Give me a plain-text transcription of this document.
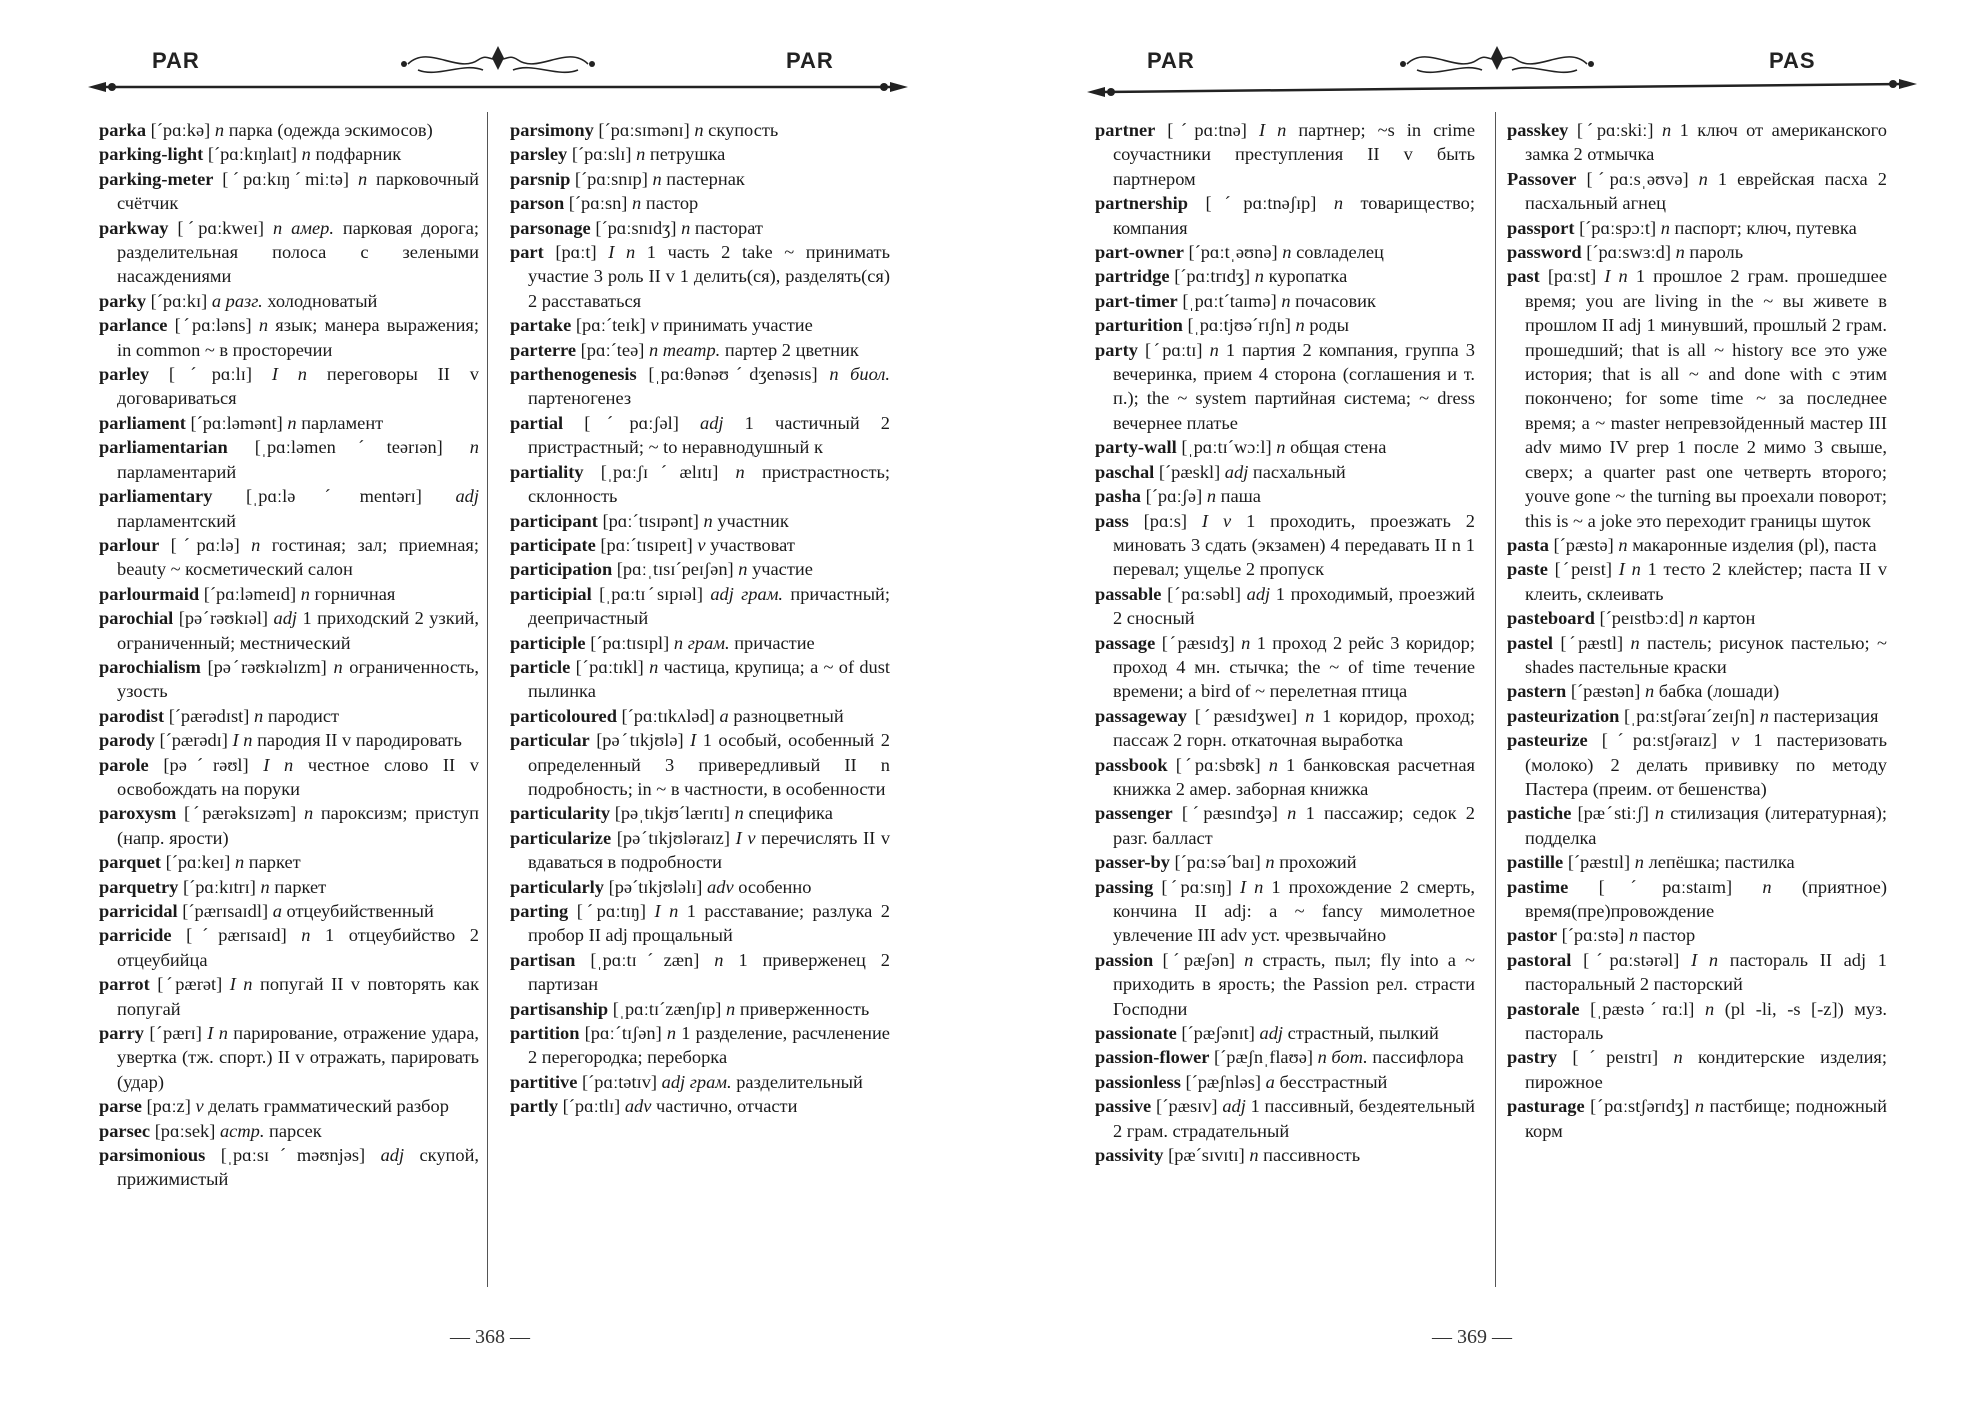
PAR	PAR

parka [ˊpɑːkə] n парка (одежда эскимосов)

parking-light [ˊpɑːkɪŋlaɪt] n подфарник

parking-meter [ˊpɑːkɪŋˊmiːtə] n парковочный счётчик

parkway [ˊpɑːkweɪ] n амер. парковая дорога; разделительная полоса с зелеными насаждениями

parky [ˊpɑːkɪ] a разг. холодноватый

parlance [ˊpɑːləns] n язык; манера выражения; in common ~ в просторечии

parley [ˊpɑːlɪ] I n переговоры II v договариваться

parliament [ˊpɑːləmənt] n парламент

parliamentarian [ˌpɑːləmenˊteərɪən] n парламентарий

parliamentary [ˌpɑːləˊmentərɪ] adj парламентский

parlour [ˊpɑːlə] n гостиная; зал; приемная; beauty ~ косметический салон

parlourmaid [ˊpɑːləmeɪd] n горничная

parochial [pəˊrəʊkɪəl] adj 1 приходский 2 узкий, ограниченный; местнический

parochialism [pəˊrəʊkɪəlɪzm] n ограниченность, узость

parodist [ˊpærədɪst] n пародист

parody [ˊpærədɪ] I n пародия II v пародировать

parole [pəˊrəʊl] I n честное слово II v освобождать на поруки

paroxysm [ˊpærəksɪzəm] n пароксизм; приступ (напр. ярости)

parquet [ˊpɑːkeɪ] n паркет

parquetry [ˊpɑːkɪtrɪ] n паркет

parricidal [ˊpærɪsaɪdl] a отцеубийственный

parricide [ˊpærɪsaɪd] n 1 отцеубийство 2 отцеубийца

parrot [ˊpærət] I n попугай II v повторять как попугай

parry [ˊpærɪ] I n парирование, отражение удара, увертка (тж. спорт.) II v отражать, парировать (удар)

parse [pɑːz] v делать грамматический разбор

parsec [pɑːsek] астр. парсек

parsimonious [ˌpɑːsɪˊməʊnjəs] adj скупой, прижимистый

parsimony [ˊpɑːsɪmənɪ] n скупость

parsley [ˊpɑːslɪ] n петрушка

parsnip [ˊpɑːsnɪp] n пастернак

parson [ˊpɑːsn] n пастор

parsonage [ˊpɑːsnɪdʒ] n пасторат

part [pɑːt] I n 1 часть 2 take ~ принимать участие 3 роль II v 1 делить(ся), разделять(ся) 2 расставаться

partake [pɑːˊteɪk] v принимать участие

parterre [pɑːˊteə] n театр. партер 2 цветник

parthenogenesis [ˌpɑːθənəʊˊdʒenəsɪs] n биол. партеногенез

partial [ˊpɑːʃəl] adj 1 частичный 2 пристрастный; ~ to неравнодушный к

partiality [ˌpɑːʃɪˊælɪtɪ] n пристрастность; склонность

participant [pɑːˊtɪsɪpənt] n участник

participate [pɑːˊtɪsɪpeɪt] v участвоват

participation [pɑːˌtɪsɪˊpeɪʃən] n участие

participial [ˌpɑːtɪˊsɪpɪəl] adj грам. причастный; деепричастный

participle [ˊpɑːtɪsɪpl] n грам. причастие

particle [ˊpɑːtɪkl] n частица, крупица; a ~ of dust пылинка

particoloured [ˊpɑːtɪkʌləd] a разноцветный

particular [pəˊtɪkjʊlə] I 1 особый, особенный 2 определенный 3 привередливый II n подробность; in ~ в частности, в особенности

particularity [pəˌtɪkjʊˊlærɪtɪ] n специфика

particularize [pəˊtɪkjʊləraɪz] I v перечислять II v вдаваться в подробности

particularly [pəˊtɪkjʊləlɪ] adv особенно

parting [ˊpɑːtɪŋ] I n 1 расставание; разлука 2 пробор II adj прощальный

partisan [ˌpɑːtɪˊzæn] n 1 приверженец 2 партизан

partisanship [ˌpɑːtɪˊzænʃɪp] n приверженность

partition [pɑːˊtɪʃən] n 1 разделение, расчленение 2 перегородка; переборка

partitive [ˊpɑːtətɪv] adj грам. разделительный

partly [ˊpɑːtlɪ] adv частично, отчасти

— 368 —
PAR	PAS

partner [ˊpɑːtnə] I n партнер; ~s in crime соучастники преступления II v быть партнером

partnership [ˊpɑːtnəʃɪp] n товарищество; компания

part-owner [ˊpɑːtˌəʊnə] n совладелец

partridge [ˊpɑːtrɪdʒ] n куропатка

part-timer [ˌpɑːtˊtaɪmə] n почасовик

parturition [ˌpɑːtjʊəˊrɪʃn] n роды

party [ˊpɑːtɪ] n 1 партия 2 компания, группа 3 вечеринка, прием 4 сторона (соглашения и т. п.); the ~ system партийная система; ~ dress вечернее платье

party-wall [ˌpɑːtɪˊwɔːl] n общая стена

paschal [ˊpæskl] adj пасхальный

pasha [ˊpɑːʃə] n паша

pass [pɑːs] I v 1 проходить, проезжать 2 миновать 3 сдать (экзамен) 4 передавать II n 1 перевал; ущелье 2 пропуск

passable [ˊpɑːsəbl] adj 1 проходимый, проезжий 2 сносный

passage [ˊpæsɪdʒ] n 1 проход 2 рейс 3 коридор; проход 4 мн. стычка; the ~ of time течение времени; a bird of ~ перелетная птица

passageway [ˊpæsɪdʒweɪ] n 1 коридор, проход; пассаж 2 горн. откаточная выработка

passbook [ˊpɑːsbʊk] n 1 банковская расчетная книжка 2 амер. заборная книжка

passenger [ˊpæsɪndʒə] n 1 пассажир; седок 2 разг. балласт

passer-by [ˊpɑːsəˊbaɪ] n прохожий

passing [ˊpɑːsɪŋ] I n 1 прохождение 2 смерть, кончина II adj: a ~ fancy мимолетное увлечение III adv уст. чрезвычайно

passion [ˊpæʃən] n страсть, пыл; fly into a ~ приходить в ярость; the Passion рел. страсти Господни

passionate [ˊpæʃənɪt] adj страстный, пылкий

passion-flower [ˊpæʃnˌflaʊə] n бот. пассифлора

passionless [ˊpæʃnləs] a бесстрастный

passive [ˊpæsɪv] adj 1 пассивный, бездеятельный 2 грам. страдательный

passivity [pæˊsɪvɪtɪ] n пассивность

passkey [ˊpɑːskiː] n 1 ключ от американского замка 2 отмычка

Passover [ˊpɑːsˌəʊvə] n 1 еврейская пасха 2 пасхальный агнец

passport [ˊpɑːspɔːt] n паспорт; ключ, путевка

password [ˊpɑːswɜːd] n пароль

past [pɑːst] I n 1 прошлое 2 грам. прошедшее время; you are living in the ~ вы живете в прошлом II adj 1 минувший, прошлый 2 грам. прошедший; that is all ~ history все это уже история; that is all ~ and done with с этим покончено; for some time ~ за последнее время; a ~ master непревзойденный мастер III adv мимо IV prep 1 после 2 мимо 3 свыше, сверх; a quarter past one четверть второго; youve gone ~ the turning вы проехали поворот; this is ~ a joke это переходит границы шуток

pasta [ˊpæstə] n макаронные изделия (pl), паста

paste [ˊpeɪst] I n 1 тесто 2 клейстер; паста II v клеить, склеивать

pasteboard [ˊpeɪstbɔːd] n картон

pastel [ˊpæstl] n пастель; рисунок пастелью; ~ shades пастельные краски

pastern [ˊpæstən] n бабка (лошади)

pasteurization [ˌpɑːstʃəraɪˊzeɪʃn] n пастеризация

pasteurize [ˊpɑːstʃəraɪz] v 1 пастеризовать (молоко) 2 делать прививку по методу Пастера (преим. от бешенства)

pastiche [pæˊstiːʃ] n стилизация (литературная); подделка

pastille [ˊpæstɪl] n лепёшка; пастилка

pastime [ˊpɑːstaɪm] n (приятное) время(пре)провождение

pastor [ˊpɑːstə] n пастор

pastoral [ˊpɑːstərəl] I n пастораль II adj 1 пасторальный 2 пасторский

pastorale [ˌpæstəˊrɑːl] n (pl -li, -s [-z]) муз. пастораль

pastry [ˊpeɪstrɪ] n кондитерские изделия; пирожное

pasturage [ˊpɑːstʃərɪdʒ] n пастбище; подножный корм

— 369 —
